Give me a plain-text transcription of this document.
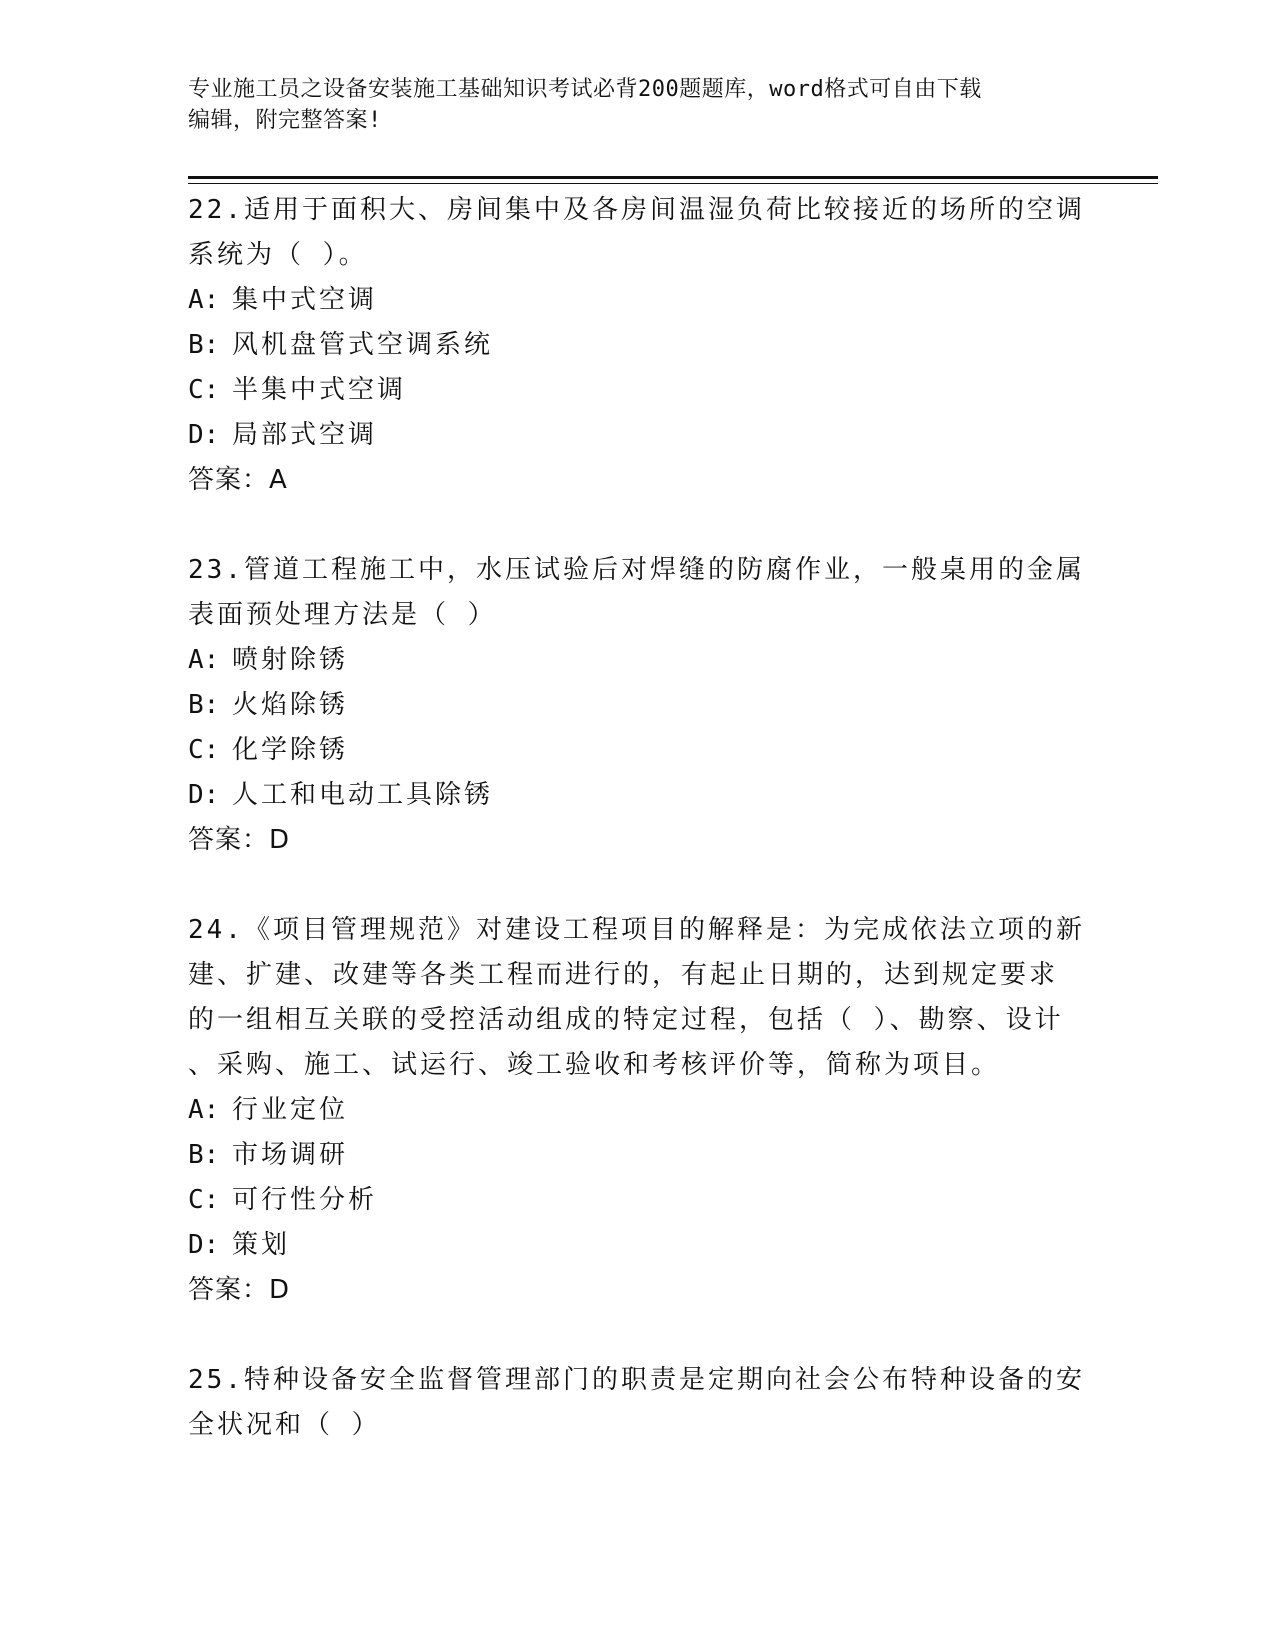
专业施工员之设备安装施工基础知识考试必背200题题库，word格式可自由下载
编辑，附完整答案!

22.适用于面积大、房间集中及各房间温湿负荷比较接近的场所的空调

系统为（ ）。

A: 集中式空调

B: 风机盘管式空调系统

C: 半集中式空调

D: 局部式空调

答案：A

23.管道工程施工中，水压试验后对焊缝的防腐作业，一般桌用的金属

表面预处理方法是（ ）

A: 喷射除锈

B: 火焰除锈

C: 化学除锈

D: 人工和电动工具除锈

答案：D

24.《项目管理规范》对建设工程项目的解释是：为完成依法立项的新

建、扩建、改建等各类工程而进行的，有起止日期的，达到规定要求

的一组相互关联的受控活动组成的特定过程，包括（ ）、勘察、设计

、采购、施工、试运行、竣工验收和考核评价等，简称为项目。

A: 行业定位

B: 市场调研

C: 可行性分析

D: 策划

答案：D

25.特种设备安全监督管理部门的职责是定期向社会公布特种设备的安

全状况和（ ）
